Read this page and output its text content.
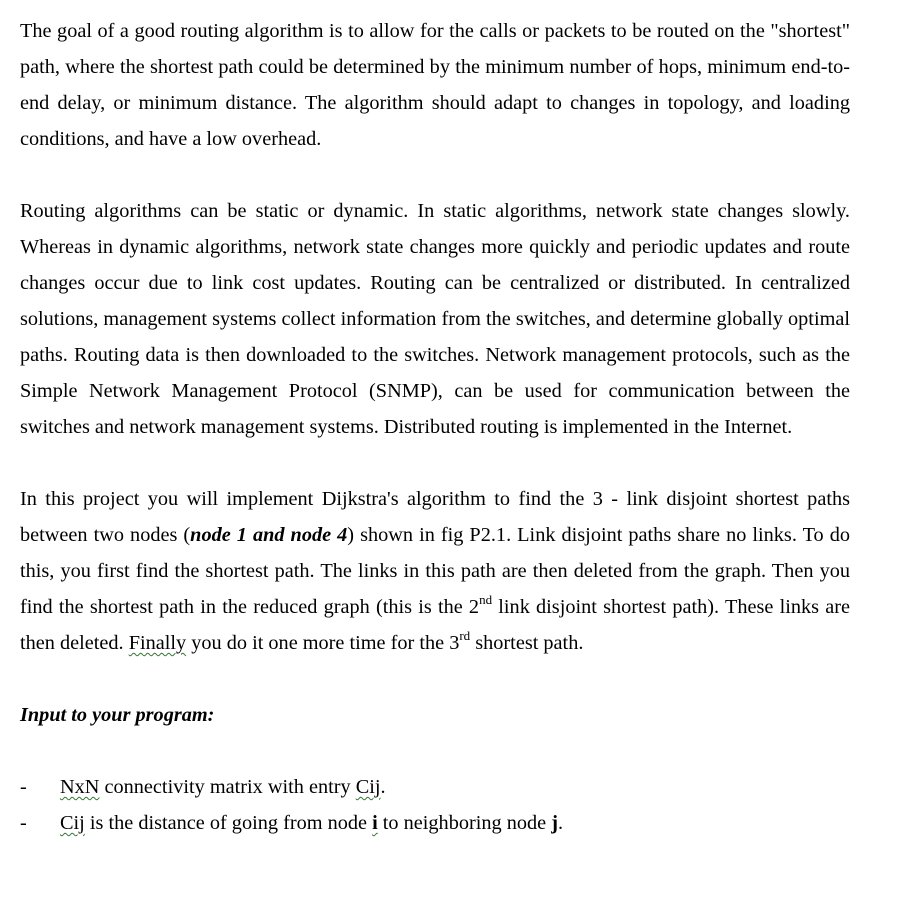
The goal of a good routing algorithm is to allow for the calls or packets to be routed on the "shortest" path, where the shortest path could be determined by the minimum number of hops, minimum end-to-end delay, or minimum distance. The algorithm should adapt to changes in topology, and loading conditions, and have a low overhead.

Routing algorithms can be static or dynamic. In static algorithms, network state changes slowly. Whereas in dynamic algorithms, network state changes more quickly and periodic updates and route changes occur due to link cost updates. Routing can be centralized or distributed. In centralized solutions, management systems collect information from the switches, and determine globally optimal paths. Routing data is then downloaded to the switches. Network management protocols, such as the Simple Network Management Protocol (SNMP), can be used for communication between the switches and network management systems. Distributed routing is implemented in the Internet.

In this project you will implement Dijkstra's algorithm to find the 3 - link disjoint shortest paths between two nodes (node 1 and node 4) shown in fig P2.1. Link disjoint paths share no links. To do this, you first find the shortest path. The links in this path are then deleted from the graph. Then you find the shortest path in the reduced graph (this is the 2nd link disjoint shortest path). These links are then deleted. Finally you do it one more time for the 3rd shortest path.

Input to your program:
- NxN connectivity matrix with entry Cij.
- Cij is the distance of going from node i to neighboring node j.
